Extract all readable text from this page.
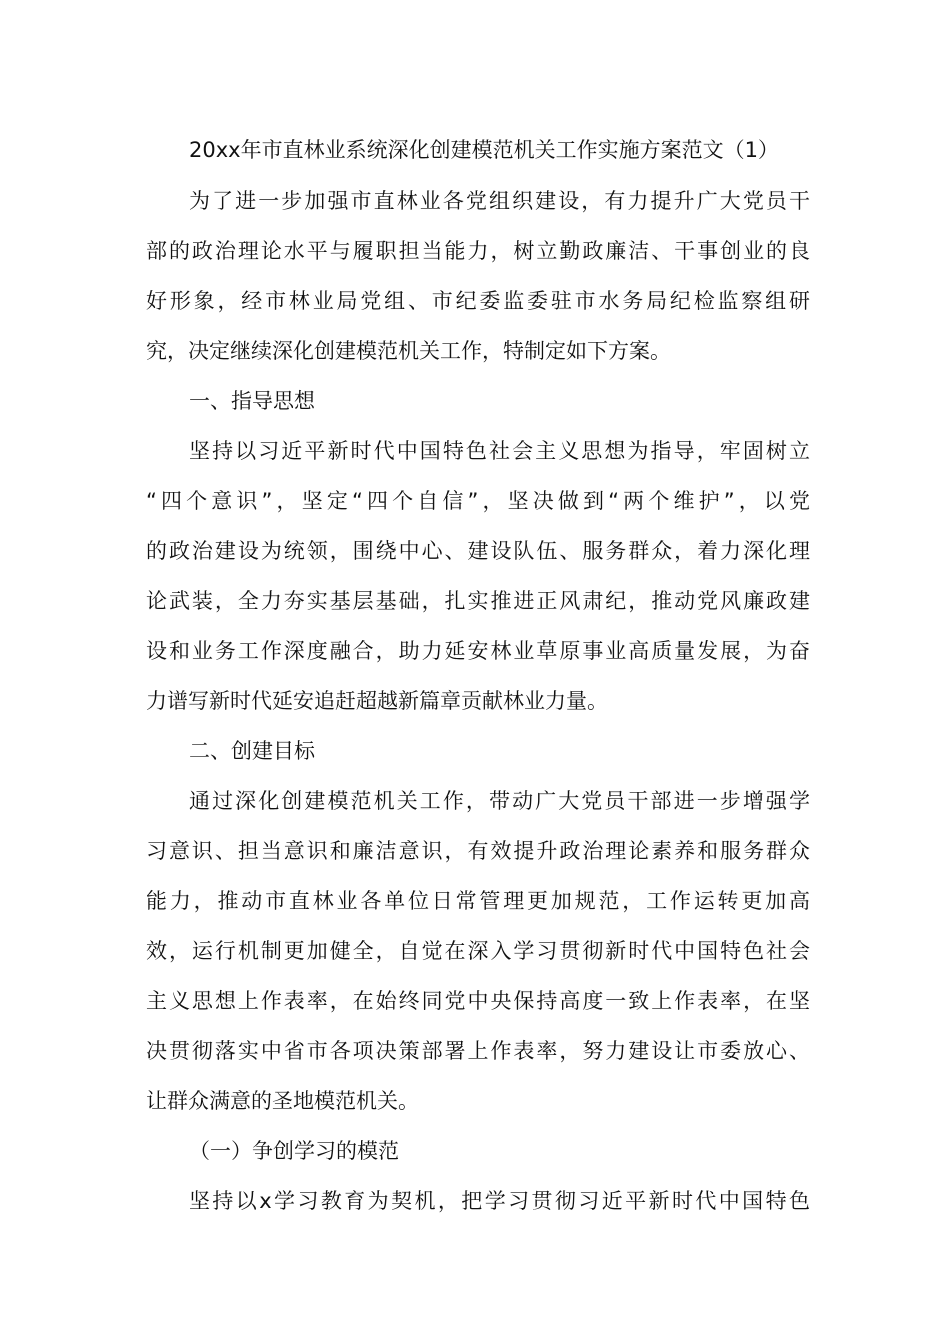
20xx年市直林业系统深化创建模范机关工作实施方案范文（1）
为了进一步加强市直林业各党组织建设，有力提升广大党员干
部的政治理论水平与履职担当能力，树立勤政廉洁、干事创业的良
好形象，经市林业局党组、市纪委监委驻市水务局纪检监察组研
究，决定继续深化创建模范机关工作，特制定如下方案。
一、指导思想
坚持以习近平新时代中国特色社会主义思想为指导，牢固树立
“四个意识”，坚定“四个自信”，坚决做到“两个维护”，以党
的政治建设为统领，围绕中心、建设队伍、服务群众，着力深化理
论武装，全力夯实基层基础，扎实推进正风肃纪，推动党风廉政建
设和业务工作深度融合，助力延安林业草原事业高质量发展，为奋
力谱写新时代延安追赶超越新篇章贡献林业力量。
二、创建目标
通过深化创建模范机关工作，带动广大党员干部进一步增强学
习意识、担当意识和廉洁意识，有效提升政治理论素养和服务群众
能力，推动市直林业各单位日常管理更加规范，工作运转更加高
效，运行机制更加健全，自觉在深入学习贯彻新时代中国特色社会
主义思想上作表率，在始终同党中央保持高度一致上作表率，在坚
决贯彻落实中省市各项决策部署上作表率，努力建设让市委放心、
让群众满意的圣地模范机关。
（一）争创学习的模范
坚持以x学习教育为契机，把学习贯彻习近平新时代中国特色
